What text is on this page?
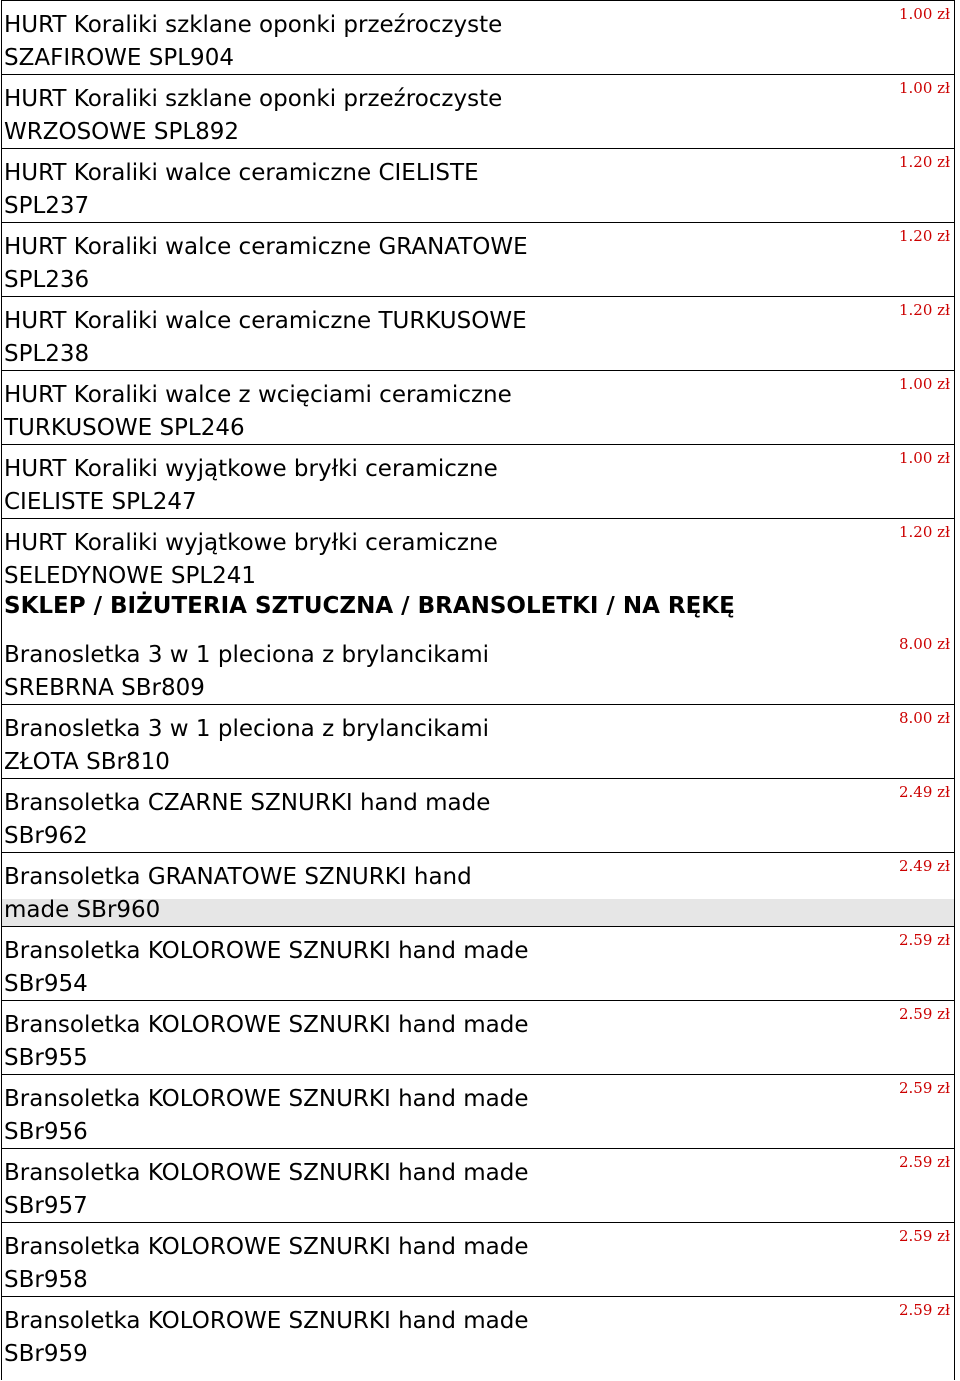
HURT Koraliki szklane oponki przeźroczyste
SZAFIROWE SPL904
1.00 zł
HURT Koraliki szklane oponki przeźroczyste
WRZOSOWE SPL892
1.00 zł
HURT Koraliki walce ceramiczne CIELISTE
SPL237
1.20 zł
HURT Koraliki walce ceramiczne GRANATOWE
SPL236
1.20 zł
HURT Koraliki walce ceramiczne TURKUSOWE
SPL238
1.20 zł
HURT Koraliki walce z wcięciami ceramiczne
TURKUSOWE SPL246
1.00 zł
HURT Koraliki wyjątkowe bryłki ceramiczne
CIELISTE SPL247
1.00 zł
HURT Koraliki wyjątkowe bryłki ceramiczne
SELEDYNOWE SPL241
1.20 zł
SKLEP / BIŻUTERIA SZTUCZNA / BRANSOLETKI / NA RĘKĘ
Branosletka 3 w 1 pleciona z brylancikami
SREBRNA SBr809
8.00 zł
Branosletka 3 w 1 pleciona z brylancikami
ZŁOTA SBr810
8.00 zł
Bransoletka CZARNE SZNURKI hand made
SBr962
2.49 zł
Bransoletka GRANATOWE SZNURKI hand
made SBr960
2.49 zł
Bransoletka KOLOROWE SZNURKI hand made
SBr954
2.59 zł
Bransoletka KOLOROWE SZNURKI hand made
SBr955
2.59 zł
Bransoletka KOLOROWE SZNURKI hand made
SBr956
2.59 zł
Bransoletka KOLOROWE SZNURKI hand made
SBr957
2.59 zł
Bransoletka KOLOROWE SZNURKI hand made
SBr958
2.59 zł
Bransoletka KOLOROWE SZNURKI hand made
SBr959
2.59 zł
